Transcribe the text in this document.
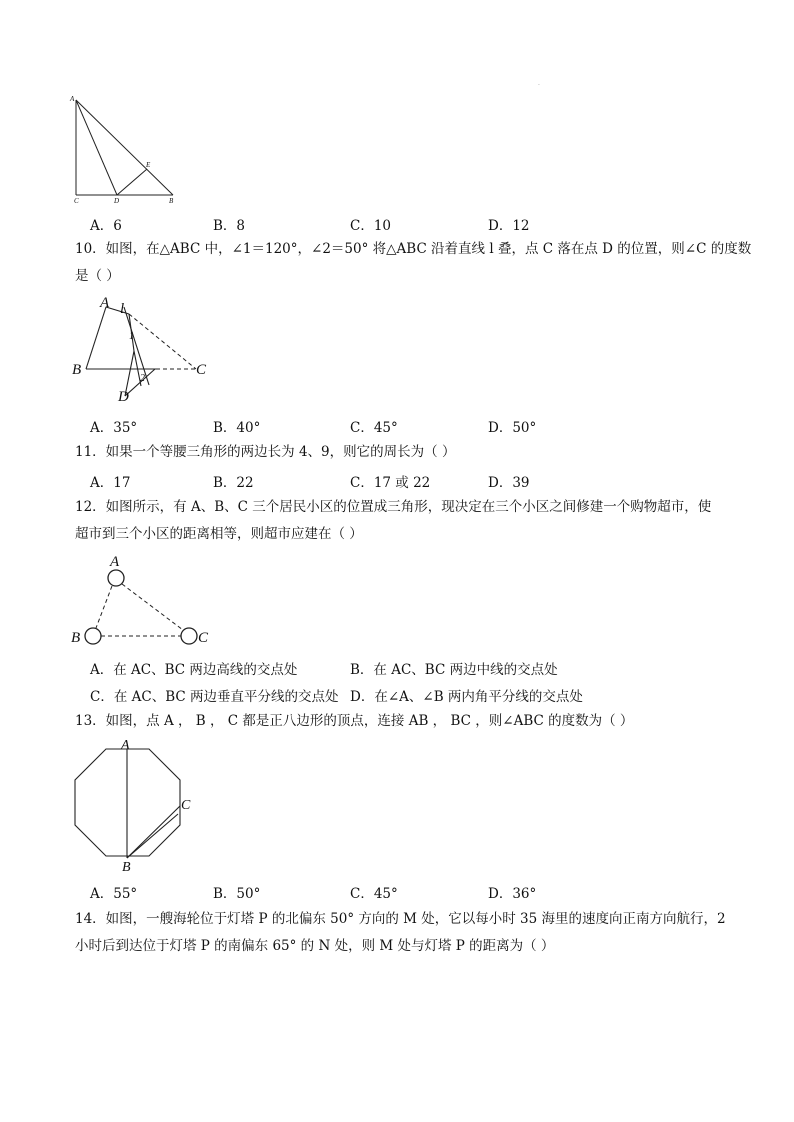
.
A
C	D	B
E
A．6	B．8	C．10	D．12
10．如图，在△ABC 中，∠1＝120°，∠2＝50° 将△ABC 沿着直线 l 叠，点 C 落在点 D 的位置，则∠C 的度数
是（ ）
A l
1
B
2
C
D
A．35°	B．40°	C．45°	D．50°
11．如果一个等腰三角形的两边长为 4、9，则它的周长为（ ）
A．17	B．22	C．17 或 22	D．39
12．如图所示，有 A、B、C 三个居民小区的位置成三角形，现决定在三个小区之间修建一个购物超市，使
超市到三个小区的距离相等，则超市应建在（ ）
A
B	C
A．在 AC、BC 两边高线的交点处	B．在 AC、BC 两边中线的交点处
C．在 AC、BC 两边垂直平分线的交点处 D．在∠A、∠B 两内角平分线的交点处
13．如图，点 A ， B ， C 都是正八边形的顶点，连接 AB ， BC ，则∠ABC 的度数为（ ）
A
C
B
A．55°	B．50°	C．45°	D．36°
14．如图，一艘海轮位于灯塔 P 的北偏东 50° 方向的 M 处，它以每小时 35 海里的速度向正南方向航行，2
小时后到达位于灯塔 P 的南偏东 65° 的 N 处，则 M 处与灯塔 P 的距离为（ ）
